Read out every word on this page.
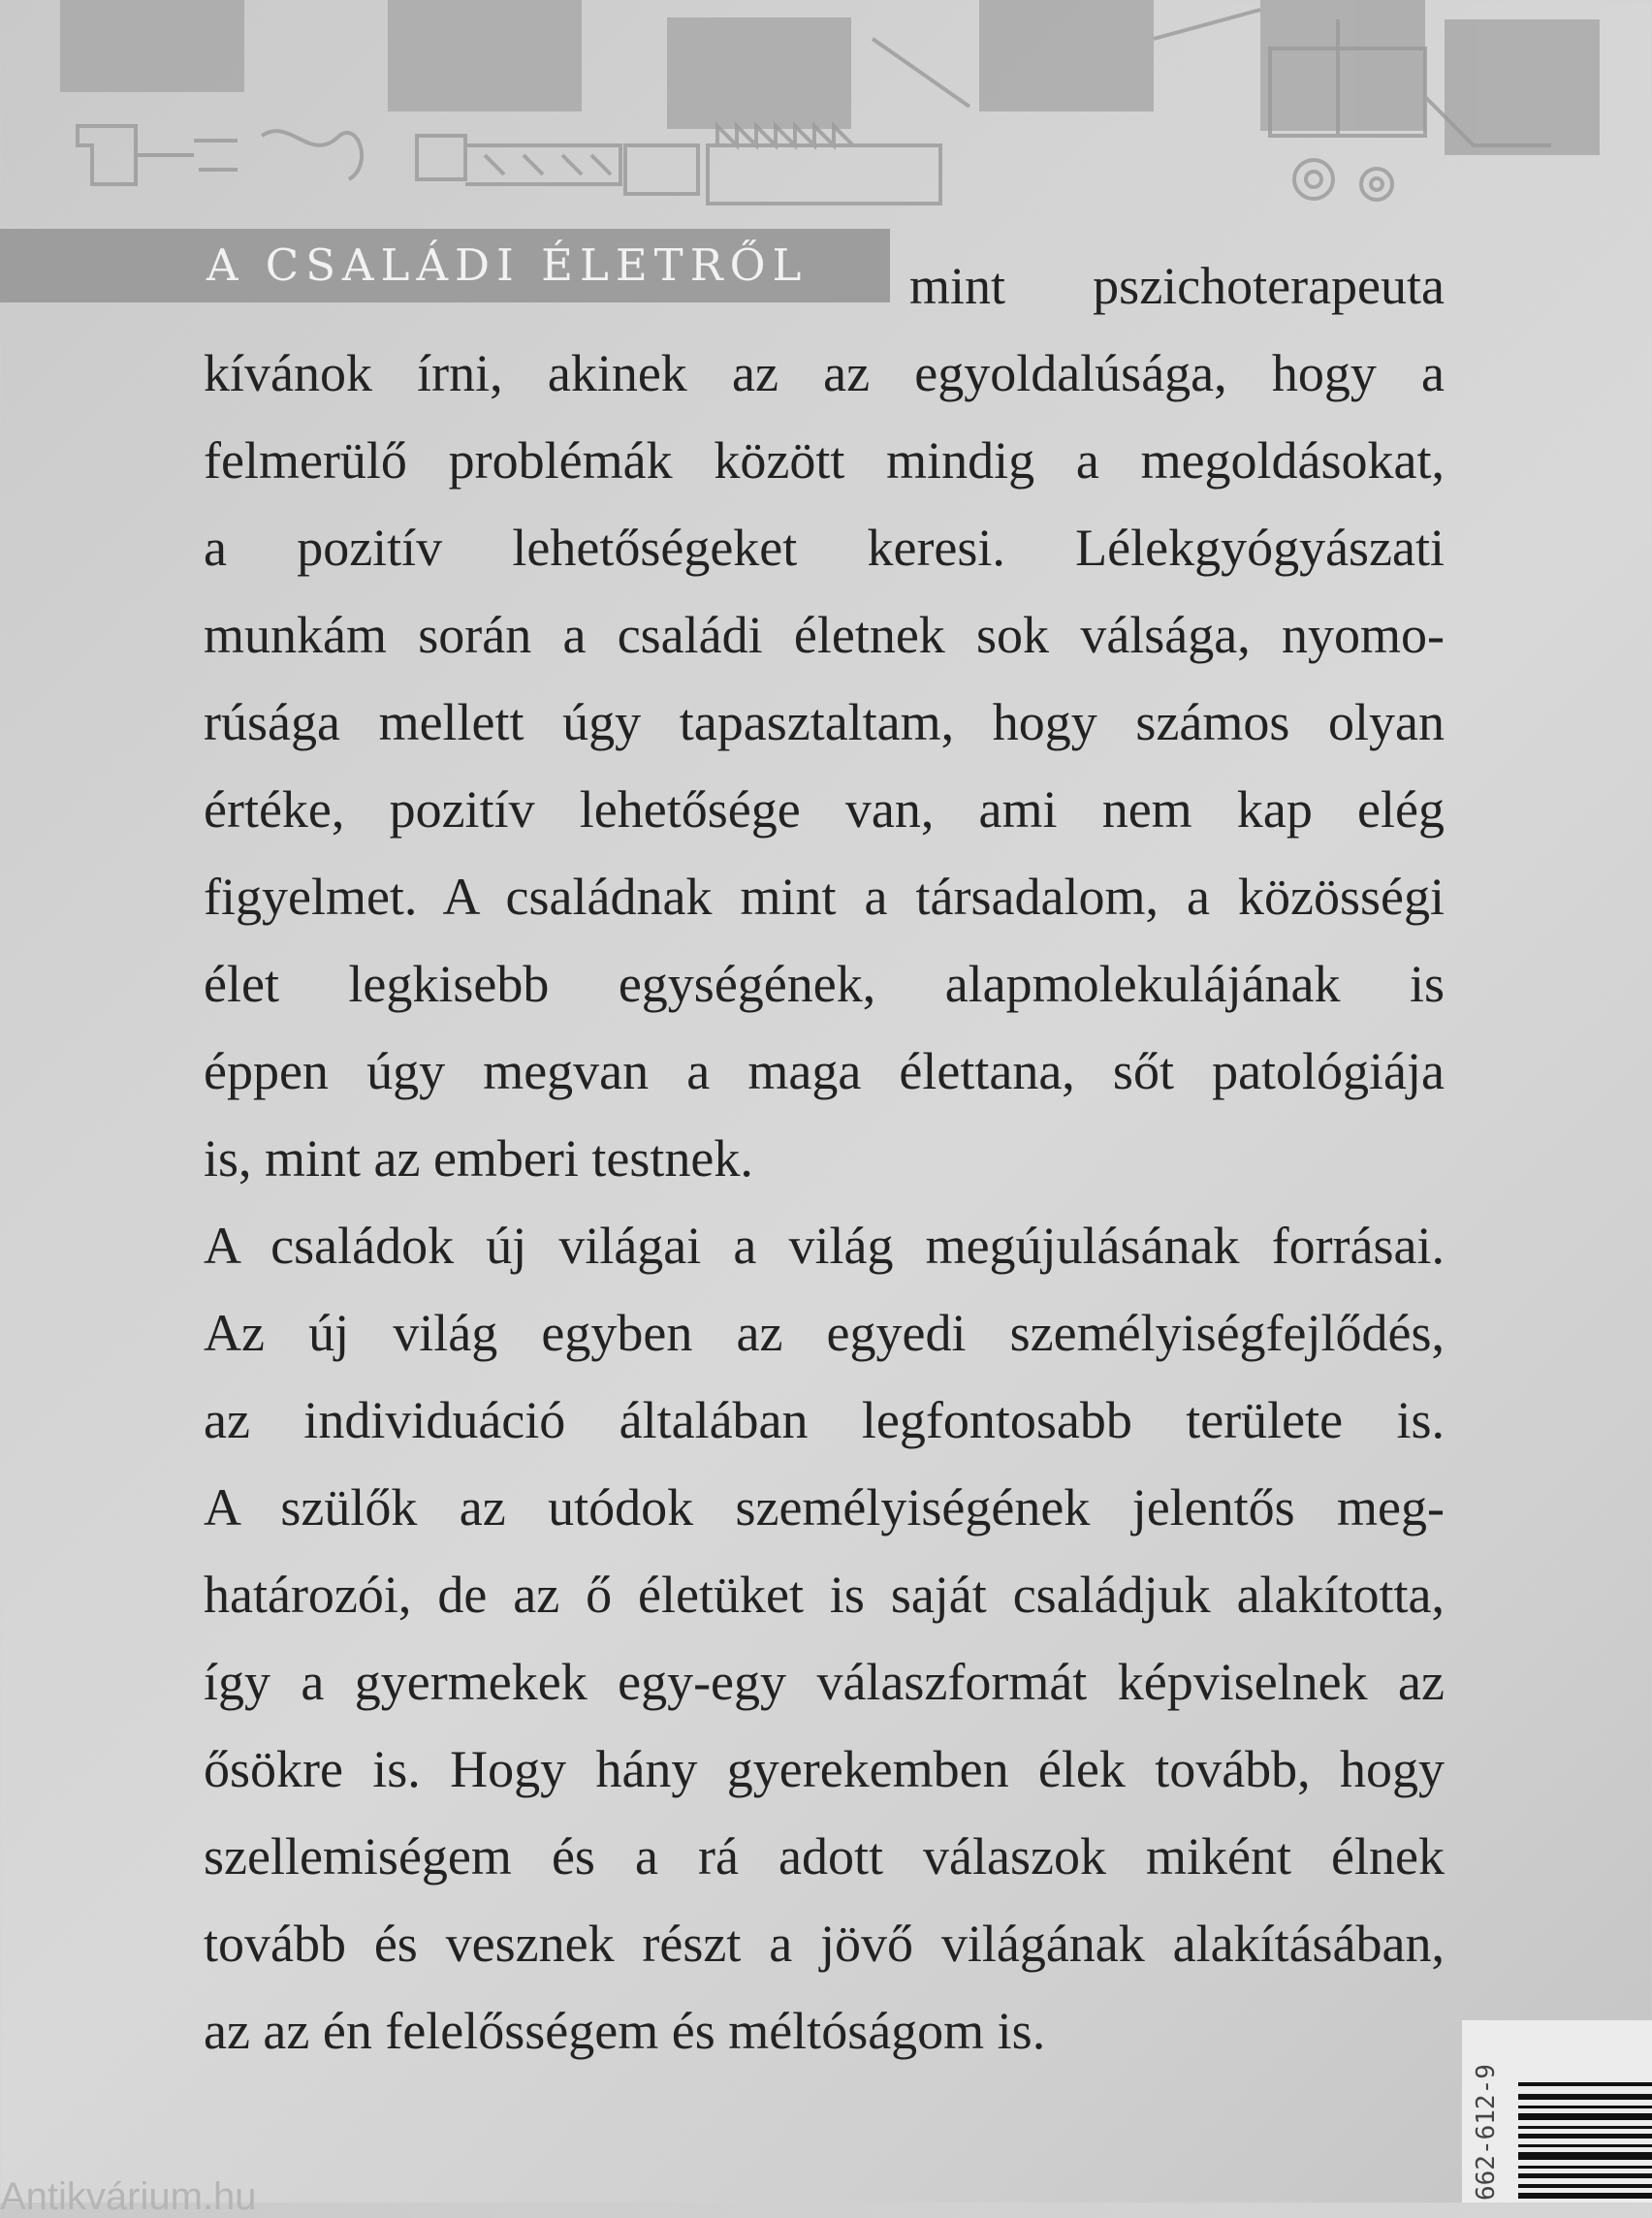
A CSALÁDI ÉLETRŐL	mint pszichoterapeuta
kívánok írni, akinek az az egyoldalúsága, hogy a
felmerülő problémák között mindig a megoldásokat,
a pozitív lehetőségeket keresi. Lélekgyógyászati
munkám során a családi életnek sok válsága, nyomo-
rúsága mellett úgy tapasztaltam, hogy számos olyan
értéke, pozitív lehetősége van, ami nem kap elég
figyelmet. A családnak mint a társadalom, a közösségi
élet legkisebb egységének, alapmolekulájának is
éppen úgy megvan a maga élettana, sőt patológiája
is, mint az emberi testnek.
A családok új világai a világ megújulásának forrásai.
Az új világ egyben az egyedi személyiségfejlődés,
az individuáció általában legfontosabb területe is.
A szülők az utódok személyiségének jelentős meg-
határozói, de az ő életüket is saját családjuk alakította,
így a gyermekek egy-egy válaszformát képviselnek az
ősökre is. Hogy hány gyerekemben élek tovább, hogy
szellemiségem és a rá adott válaszok miként élnek
tovább és vesznek részt a jövő világának alakításában,
az az én felelősségem és méltóságom is.
662-612-9
Antikvárium.hu
